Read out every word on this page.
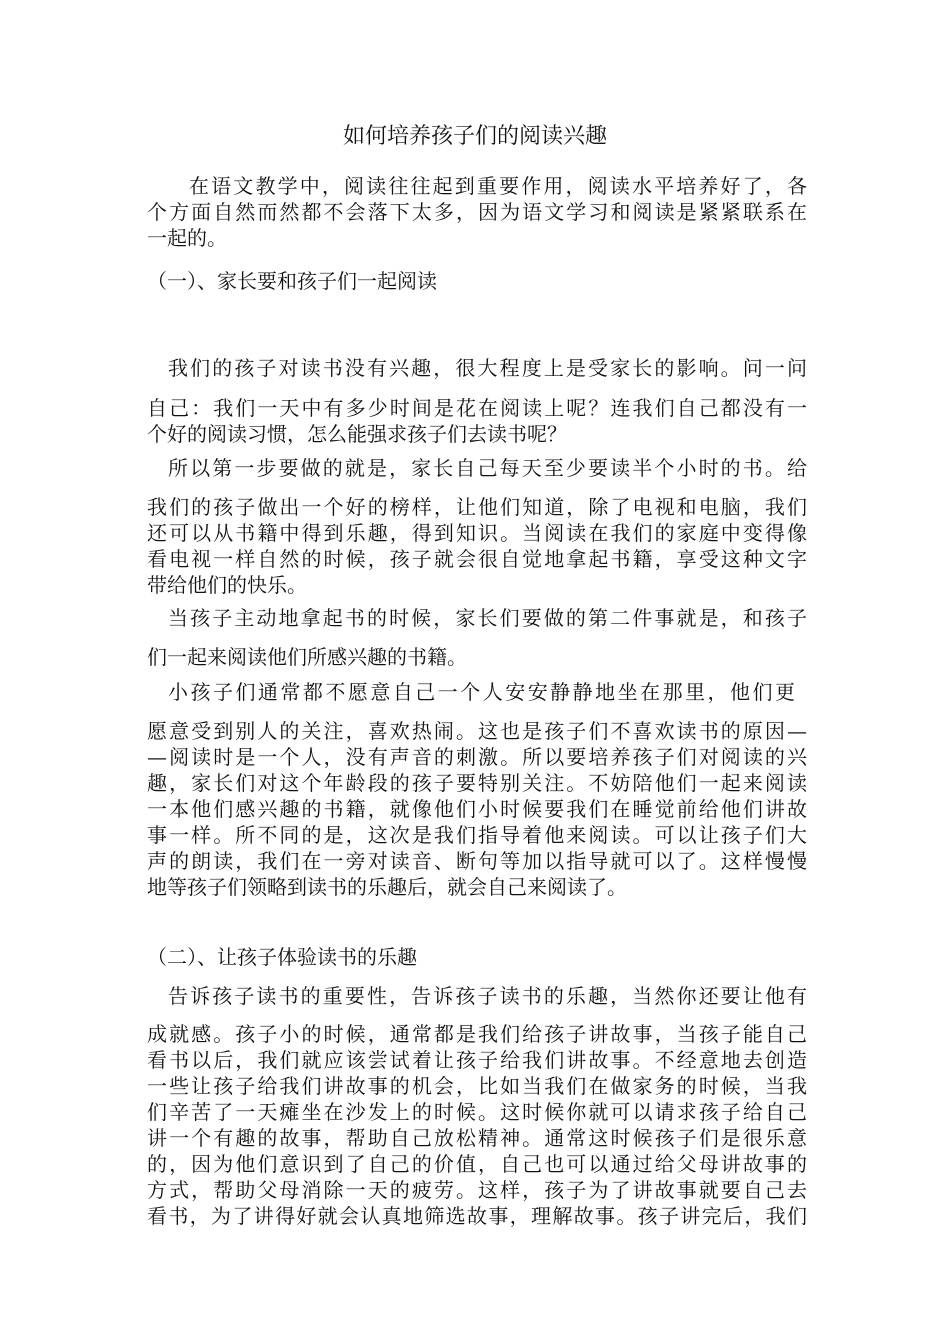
如何培养孩子们的阅读兴趣
在语文教学中，阅读往往起到重要作用，阅读水平培养好了，各
个方面自然而然都不会落下太多，因为语文学习和阅读是紧紧联系在
一起的。
（一）、家长要和孩子们一起阅读
我们的孩子对读书没有兴趣，很大程度上是受家长的影响。问一问
自己：我们一天中有多少时间是花在阅读上呢？连我们自己都没有一
个好的阅读习惯，怎么能强求孩子们去读书呢？
所以第一步要做的就是，家长自己每天至少要读半个小时的书。给
我们的孩子做出一个好的榜样，让他们知道，除了电视和电脑，我们
还可以从书籍中得到乐趣，得到知识。当阅读在我们的家庭中变得像
看电视一样自然的时候，孩子就会很自觉地拿起书籍，享受这种文字
带给他们的快乐。
当孩子主动地拿起书的时候，家长们要做的第二件事就是，和孩子
们一起来阅读他们所感兴趣的书籍。
小孩子们通常都不愿意自己一个人安安静静地坐在那里，他们更
愿意受到别人的关注，喜欢热闹。这也是孩子们不喜欢读书的原因—
—阅读时是一个人，没有声音的刺激。所以要培养孩子们对阅读的兴
趣，家长们对这个年龄段的孩子要特别关注。不妨陪他们一起来阅读
一本他们感兴趣的书籍，就像他们小时候要我们在睡觉前给他们讲故
事一样。所不同的是，这次是我们指导着他来阅读。可以让孩子们大
声的朗读，我们在一旁对读音、断句等加以指导就可以了。这样慢慢
地等孩子们领略到读书的乐趣后，就会自己来阅读了。
（二）、让孩子体验读书的乐趣
告诉孩子读书的重要性，告诉孩子读书的乐趣，当然你还要让他有
成就感。孩子小的时候，通常都是我们给孩子讲故事，当孩子能自己
看书以后，我们就应该尝试着让孩子给我们讲故事。不经意地去创造
一些让孩子给我们讲故事的机会，比如当我们在做家务的时候，当我
们辛苦了一天瘫坐在沙发上的时候。这时候你就可以请求孩子给自己
讲一个有趣的故事，帮助自己放松精神。通常这时候孩子们是很乐意
的，因为他们意识到了自己的价值，自己也可以通过给父母讲故事的
方式，帮助父母消除一天的疲劳。这样，孩子为了讲故事就要自己去
看书，为了讲得好就会认真地筛选故事，理解故事。孩子讲完后，我们
